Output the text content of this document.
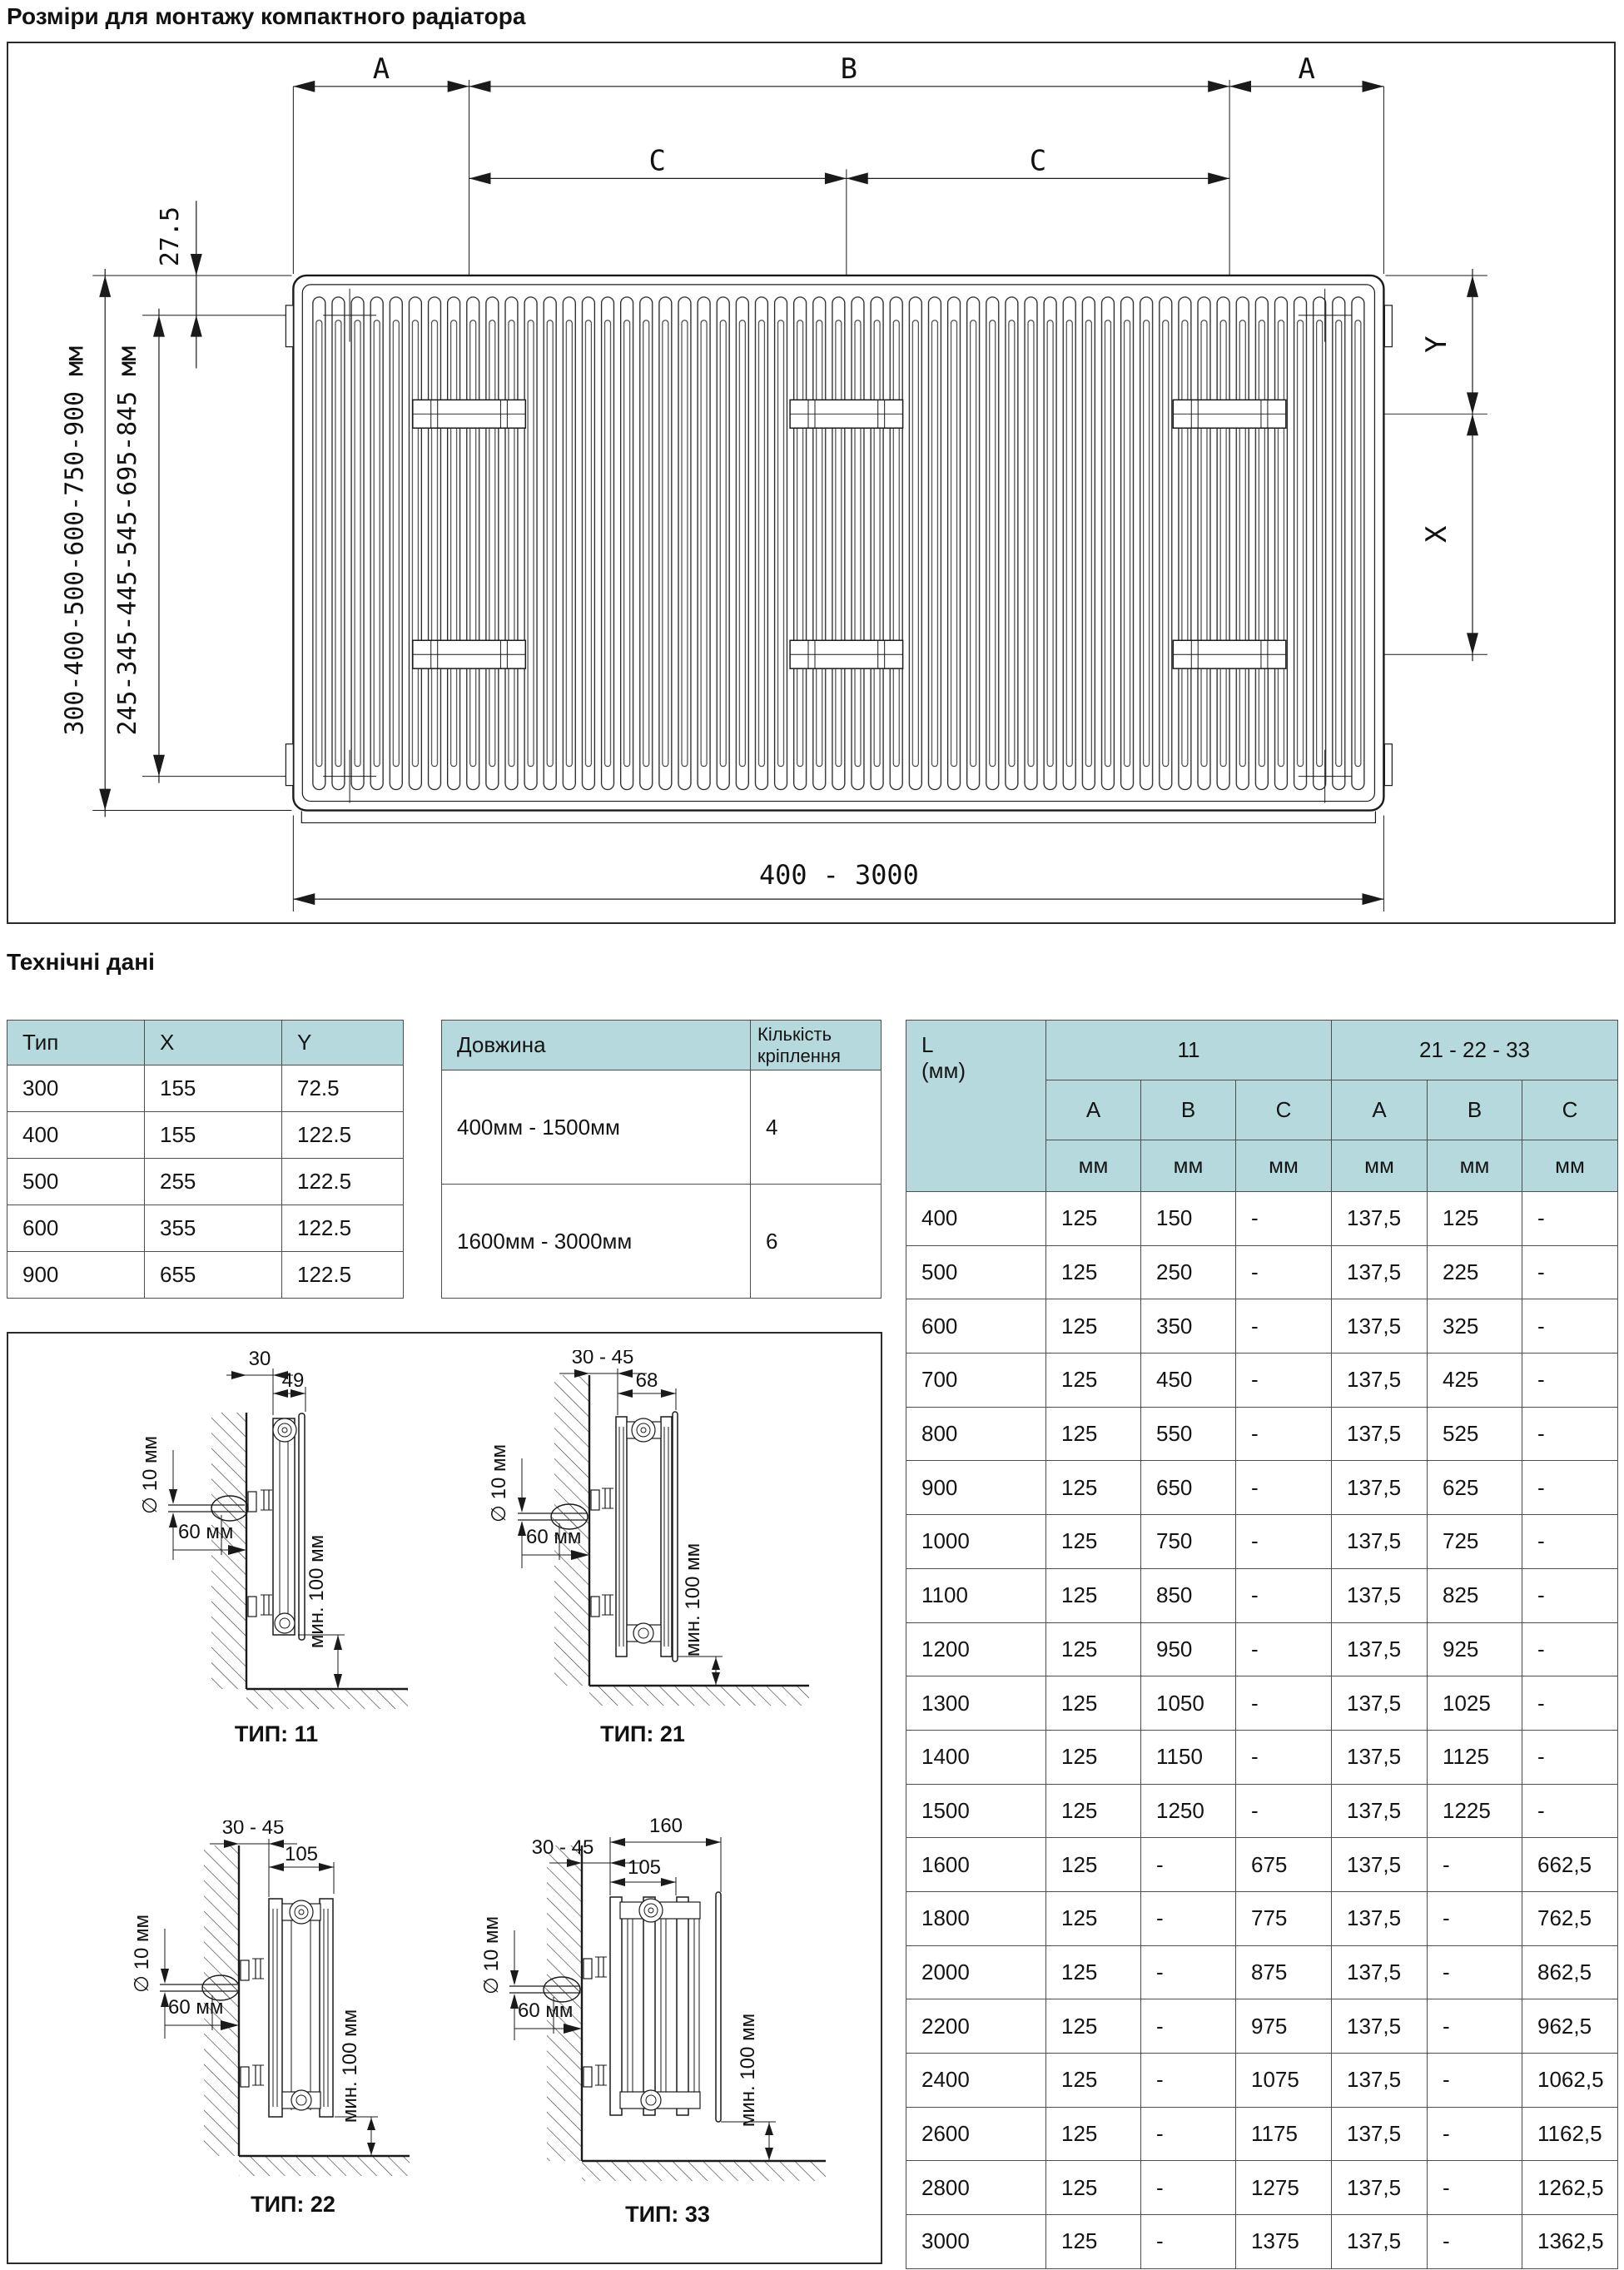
Розміри для монтажу компактного радіатора
A	B	A
C	C
27.5
300-400-500-600-750-900 мм 245-345-445-545-695-845 мм
Y
X
400 - 3000
Технічні дані
Тип	X	Y
300	155	72.5
400	155	122.5
500	255	122.5
600	355	122.5
900	655	122.5
Довжина	Кількість кріплення
400мм - 1500мм	4
1600мм - 3000мм	6
L
(мм)	11			21 - 22 - 33		
	A	B	C	A	B	C
	мм	мм	мм	мм	мм	мм
400	125	150	-	137,5	125	-
500	125	250	-	137,5	225	-
600	125	350	-	137,5	325	-
700	125	450	-	137,5	425	-
800	125	550	-	137,5	525	-
900	125	650	-	137,5	625	-
1000	125	750	-	137,5	725	-
1100	125	850	-	137,5	825	-
1200	125	950	-	137,5	925	-
1300	125	1050	-	137,5	1025	-
1400	125	1150	-	137,5	1125	-
1500	125	1250	-	137,5	1225	-
1600	125	-	675	137,5	-	662,5
1800	125	-	775	137,5	-	762,5
2000	125	-	875	137,5	-	862,5
2200	125	-	975	137,5	-	962,5
2400	125	-	1075	137,5	-	1062,5
2600	125	-	1175	137,5	-	1162,5
2800	125	-	1275	137,5	-	1262,5
3000	125	-	1375	137,5	-	1362,5
30
49
∅ 10 мм
60 мм
мин. 100 мм
ТИП: 11
30 - 45
68
∅ 10 мм
60 мм
мин. 100 мм
ТИП: 21
30 - 45
105
∅ 10 мм
60 мм
мин. 100 мм
ТИП: 22
160
30 - 45
105
∅ 10 мм
60 мм
мин. 100 мм
ТИП: 33
